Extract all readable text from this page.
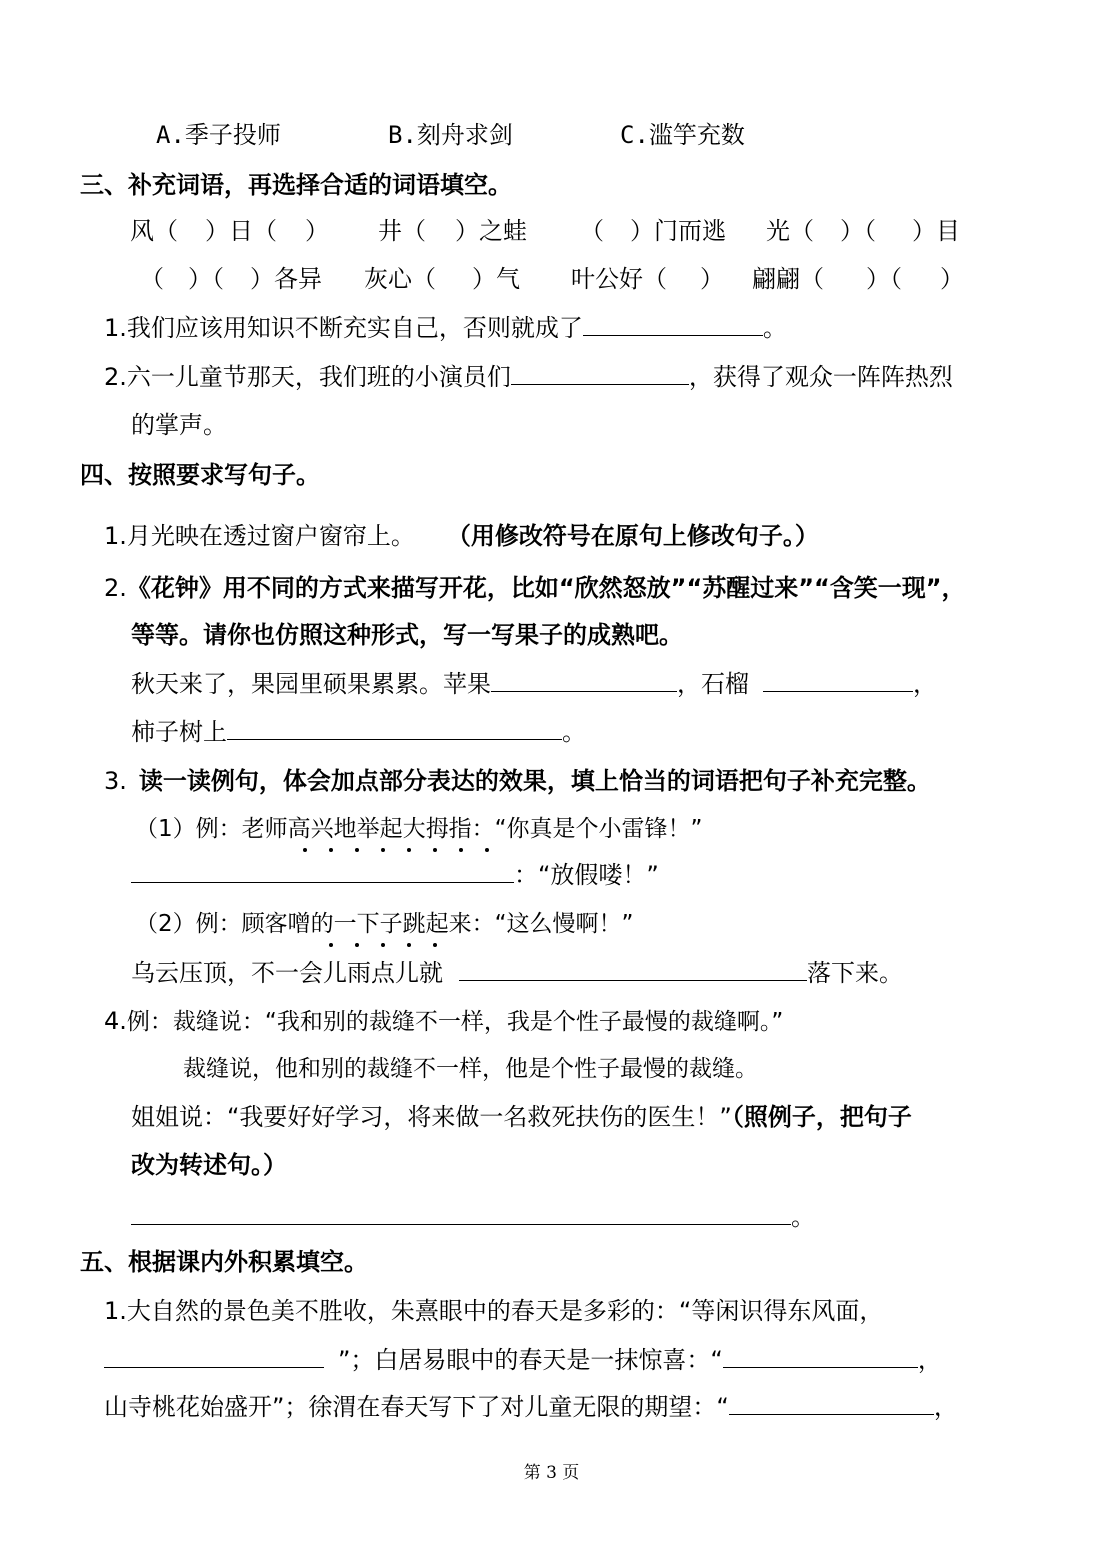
A.季子投师	B.刻舟求剑	C.滥竽充数
三、补充词语，再选择合适的词语填空。
风（ ）日（ ） 井（ ）之蛙 （ ）门而逃 光（ ）（ ）目
（ ）（ ）各异 灰心（ ）气 叶公好（ ） 翩翩（ ）（ ）
1.我们应该用知识不断充实自己，否则就成了	。
2.六一儿童节那天，我们班的小演员们	，获得了观众一阵阵热烈
的掌声。
四、按照要求写句子。
1.月光映在透过窗户窗帘上。 （用修改符号在原句上修改句子。）
2.《花钟》用不同的方式来描写开花，比如“欣然怒放”“苏醒过来”“含笑一现”，
等等。请你也仿照这种形式，写一写果子的成熟吧。
秋天来了，果园里硕果累累。苹果	，石榴	，
柿子树上	。
3. 读一读例句，体会加点部分表达的效果，填上恰当的词语把句子补充完整。
（1）例：老师高兴地举起大拇指：“你真是个小雷锋！”
：“放假喽！”
（2）例：顾客噌的一下子跳起来：“这么慢啊！”
乌云压顶，不一会儿雨点儿就	落下来。
4.例：裁缝说：“我和别的裁缝不一样，我是个性子最慢的裁缝啊。”
裁缝说，他和别的裁缝不一样，他是个性子最慢的裁缝。
姐姐说：“我要好好学习，将来做一名救死扶伤的医生！”（照例子，把句子
改为转述句。）
。
五、根据课内外积累填空。
1.大自然的景色美不胜收，朱熹眼中的春天是多彩的：“等闲识得东风面，
”；白居易眼中的春天是一抹惊喜：“	，
山寺桃花始盛开”；徐渭在春天写下了对儿童无限的期望：“	，
第 3 页
